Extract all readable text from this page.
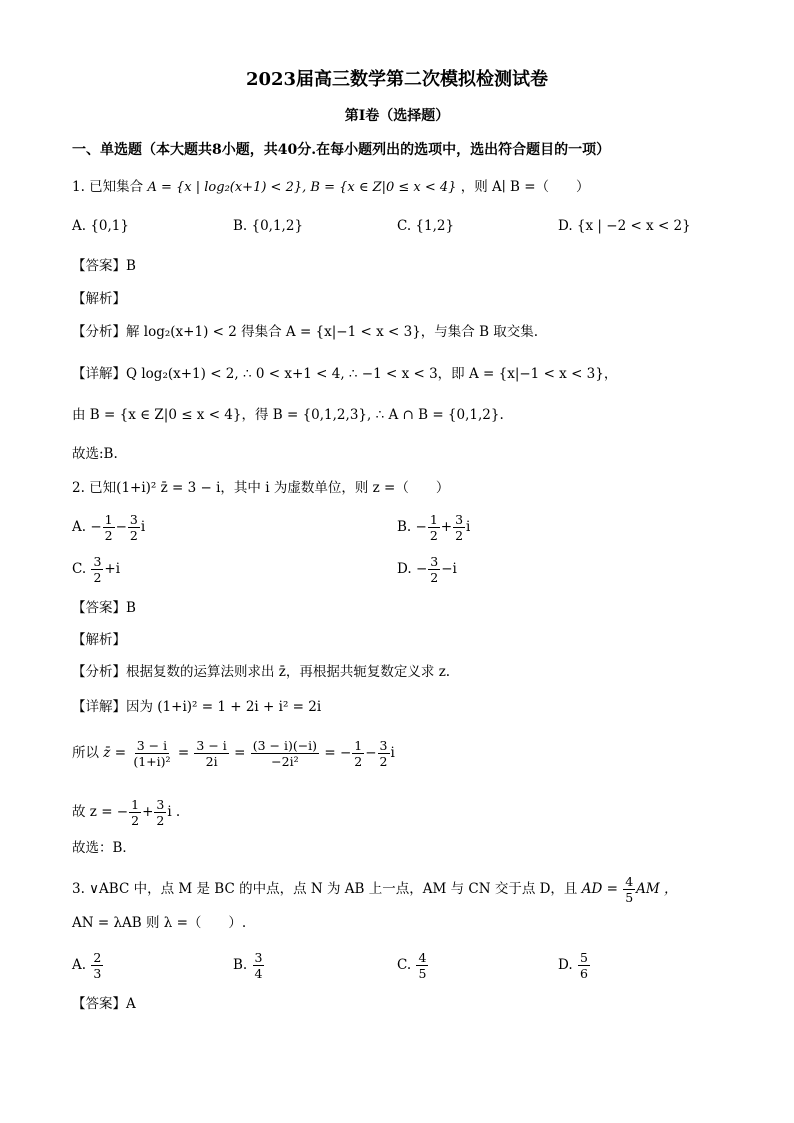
2023届高三数学第二次模拟检测试卷
第Ⅰ卷（选择题）
一、单选题（本大题共8小题，共40分.在每小题列出的选项中，选出符合题目的一项）
1. 已知集合 A = {x | log₂(x+1) < 2}, B = {x ∈ Z|0 ≤ x < 4} ，则 A∣ B =（　　）
A. {0,1}	B. {0,1,2}	C. {1,2}	D. {x | −2 < x < 2}
【答案】B
【解析】
【分析】解 log₂(x+1) < 2 得集合 A = {x|−1 < x < 3}，与集合 B 取交集.
【详解】Q log₂(x+1) < 2, ∴ 0 < x+1 < 4, ∴ −1 < x < 3，即 A = {x|−1 < x < 3}，
由 B = {x ∈ Z|0 ≤ x < 4}，得 B = {0,1,2,3}, ∴ A ∩ B = {0,1,2}.
故选:B.
2. 已知(1+i)² z̄ = 3 − i，其中 i 为虚数单位，则 z =（　　）
A. − $\frac{1}{2} - \frac{3}{2}$ i	B. − $\frac{1}{2} + \frac{3}{2}$ i
C. $\frac{3}{2} +i$	D. − $\frac{3}{2} -i$
【答案】B
【解析】
【分析】根据复数的运算法则求出 z̄，再根据共轭复数定义求 z.
【详解】因为 (1+i)² = 1 + 2i + i² = 2i
所以 z̄ = $\frac{3 - i}{\text{(1+i)²}} = \frac{3 - i}{2i} = \frac{(3 - i)(-i)}{\text{−2i²}}$ = − $\frac{1}{2} - \frac{3}{2}$ i
故 z = − $\frac{1}{2} + \frac{3}{2}$ i .
故选：B．
3. ∨ABC 中，点 M 是 BC 的中点，点 N 为 AB 上一点，AM 与 CN 交于点 D，且 AD = $\frac{4}{5}$ AM ，
AN = λAB 则 λ =（　　）.
A. $\frac{2}{3}$	B. $\frac{3}{4}$	C. $\frac{4}{5}$	D. $\frac{5}{6}$
【答案】A
